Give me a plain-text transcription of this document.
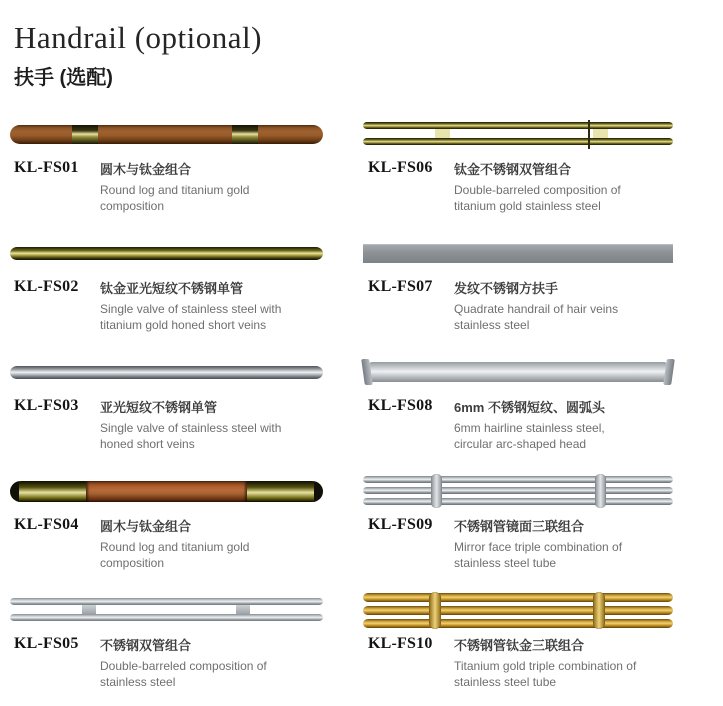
Handrail (optional)
扶手 (选配)
KL-FS01	圆木与钛金组合
Round log and titanium gold
composition
KL-FS02	钛金亚光短纹不锈钢单管
Single valve of stainless steel with
titanium gold honed short veins
KL-FS03	亚光短纹不锈钢单管
Single valve of stainless steel with
honed short veins
KL-FS04	圆木与钛金组合
Round log and titanium gold
composition
KL-FS05	不锈钢双管组合
Double-barreled composition of
stainless steel
KL-FS06	钛金不锈钢双管组合
Double-barreled composition of
titanium gold stainless steel
KL-FS07	发纹不锈钢方扶手
Quadrate handrail of hair veins
stainless steel
KL-FS08	6mm 不锈钢短纹、圆弧头
6mm hairline stainless steel,
circular arc-shaped head
KL-FS09	不锈钢管镜面三联组合
Mirror face triple combination of
stainless steel tube
KL-FS10	不锈钢管钛金三联组合
Titanium gold triple combination of
stainless steel tube
